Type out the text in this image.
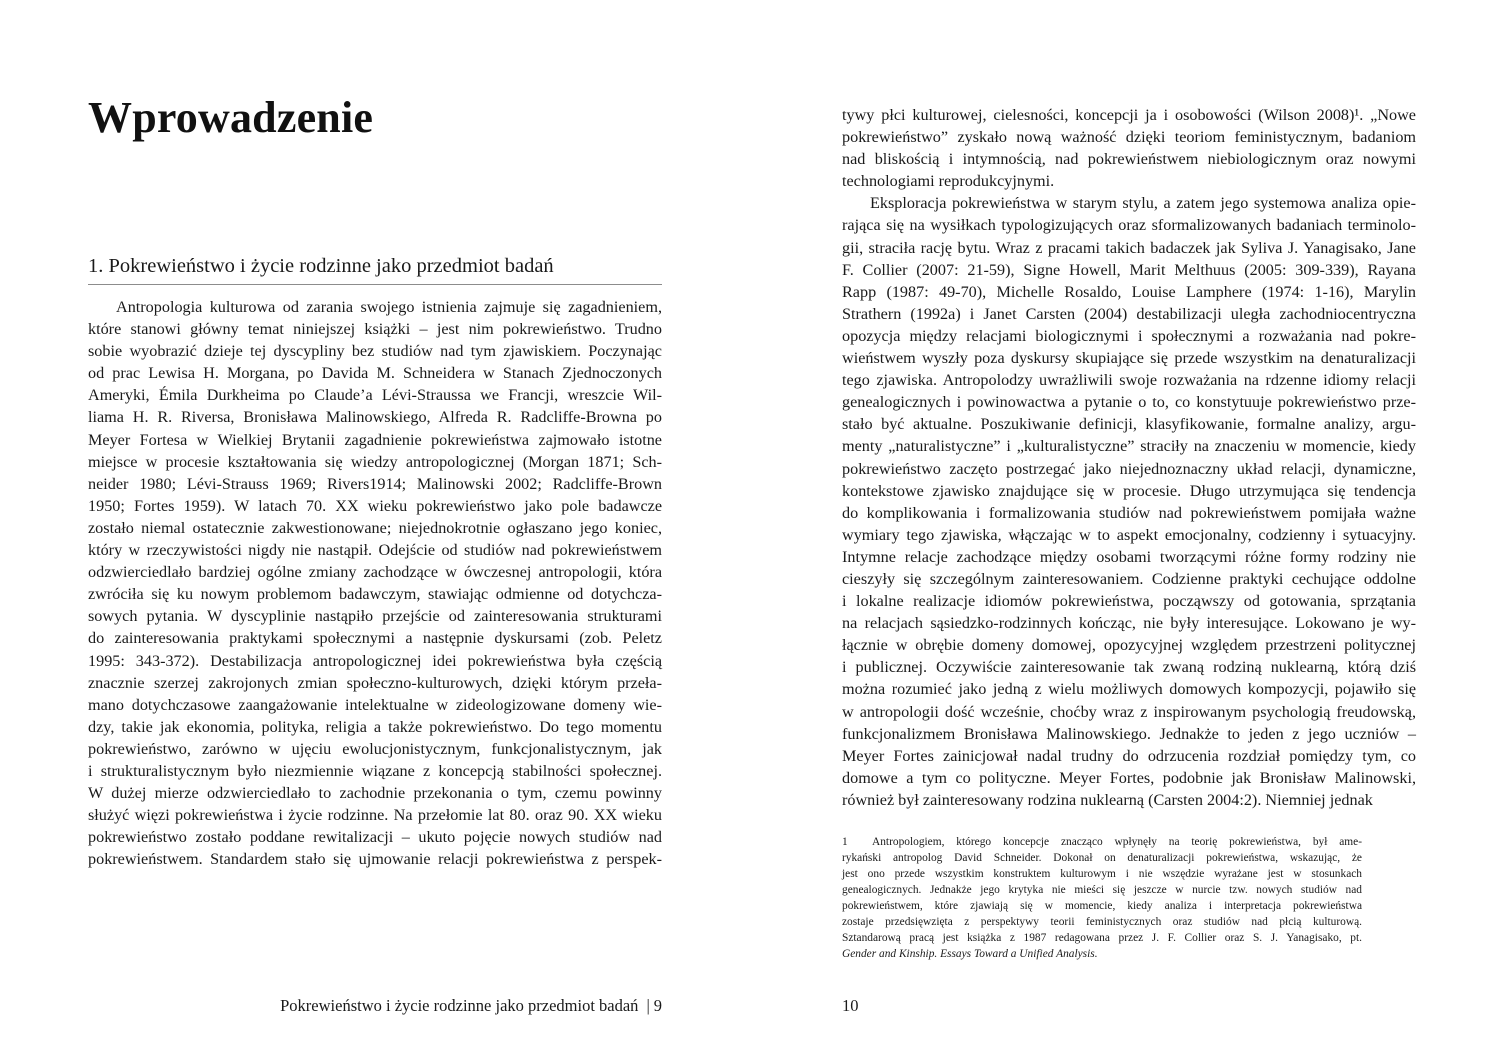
Wprowadzenie
1. Pokrewieństwo i życie rodzinne jako przedmiot badań
Antropologia kulturowa od zarania swojego istnienia zajmuje się zagadnieniem,
które stanowi główny temat niniejszej książki – jest nim pokrewieństwo. Trudno
sobie wyobrazić dzieje tej dyscypliny bez studiów nad tym zjawiskiem. Poczynając
od prac Lewisa H. Morgana, po Davida M. Schneidera w Stanach Zjednoczonych
Ameryki, Émila Durkheima po Claude’a Lévi-Straussa we Francji, wreszcie Wil-
liama H. R. Riversa, Bronisława Malinowskiego, Alfreda R. Radcliffe-Browna po
Meyer Fortesa w Wielkiej Brytanii zagadnienie pokrewieństwa zajmowało istotne
miejsce w procesie kształtowania się wiedzy antropologicznej (Morgan 1871; Sch-
neider 1980; Lévi-Strauss 1969; Rivers1914; Malinowski 2002; Radcliffe-Brown
1950; Fortes 1959). W latach 70. XX wieku pokrewieństwo jako pole badawcze
zostało niemal ostatecznie zakwestionowane; niejednokrotnie ogłaszano jego koniec,
który w rzeczywistości nigdy nie nastąpił. Odejście od studiów nad pokrewieństwem
odzwierciedlało bardziej ogólne zmiany zachodzące w ówczesnej antropologii, która
zwróciła się ku nowym problemom badawczym, stawiając odmienne od dotychcza-
sowych pytania. W dyscyplinie nastąpiło przejście od zainteresowania strukturami
do zainteresowania praktykami społecznymi a następnie dyskursami (zob. Peletz
1995: 343-372). Destabilizacja antropologicznej idei pokrewieństwa była częścią
znacznie szerzej zakrojonych zmian społeczno-kulturowych, dzięki którym przeła-
mano dotychczasowe zaangażowanie intelektualne w zideologizowane domeny wie-
dzy, takie jak ekonomia, polityka, religia a także pokrewieństwo. Do tego momentu
pokrewieństwo, zarówno w ujęciu ewolucjonistycznym, funkcjonalistycznym, jak
i strukturalistycznym było niezmiennie wiązane z koncepcją stabilności społecznej.
W dużej mierze odzwierciedlało to zachodnie przekonania o tym, czemu powinny
służyć więzi pokrewieństwa i życie rodzinne. Na przełomie lat 80. oraz 90. XX wieku
pokrewieństwo zostało poddane rewitalizacji – ukuto pojęcie nowych studiów nad
pokrewieństwem. Standardem stało się ujmowanie relacji pokrewieństwa z perspek-
Pokrewieństwo i życie rodzinne jako przedmiot badań | 9
tywy płci kulturowej, cielesności, koncepcji ja i osobowości (Wilson 2008)¹. „Nowe
pokrewieństwo” zyskało nową ważność dzięki teoriom feministycznym, badaniom
nad bliskością i intymnością, nad pokrewieństwem niebiologicznym oraz nowymi
technologiami reprodukcyjnymi.
Eksploracja pokrewieństwa w starym stylu, a zatem jego systemowa analiza opie-
rająca się na wysiłkach typologizujących oraz sformalizowanych badaniach terminolo-
gii, straciła rację bytu. Wraz z pracami takich badaczek jak Syliva J. Yanagisako, Jane
F. Collier (2007: 21-59), Signe Howell, Marit Melthuus (2005: 309-339), Rayana
Rapp (1987: 49-70), Michelle Rosaldo, Louise Lamphere (1974: 1-16), Marylin
Strathern (1992a) i Janet Carsten (2004) destabilizacji uległa zachodniocentryczna
opozycja między relacjami biologicznymi i społecznymi a rozważania nad pokre-
wieństwem wyszły poza dyskursy skupiające się przede wszystkim na denaturalizacji
tego zjawiska. Antropolodzy uwrażliwili swoje rozważania na rdzenne idiomy relacji
genealogicznych i powinowactwa a pytanie o to, co konstytuuje pokrewieństwo prze-
stało być aktualne. Poszukiwanie definicji, klasyfikowanie, formalne analizy, argu-
menty „naturalistyczne” i „kulturalistyczne” straciły na znaczeniu w momencie, kiedy
pokrewieństwo zaczęto postrzegać jako niejednoznaczny układ relacji, dynamiczne,
kontekstowe zjawisko znajdujące się w procesie. Długo utrzymująca się tendencja
do komplikowania i formalizowania studiów nad pokrewieństwem pomijała ważne
wymiary tego zjawiska, włączając w to aspekt emocjonalny, codzienny i sytuacyjny.
Intymne relacje zachodzące między osobami tworzącymi różne formy rodziny nie
cieszyły się szczególnym zainteresowaniem. Codzienne praktyki cechujące oddolne
i lokalne realizacje idiomów pokrewieństwa, począwszy od gotowania, sprzątania
na relacjach sąsiedzko-rodzinnych kończąc, nie były interesujące. Lokowano je wy-
łącznie w obrębie domeny domowej, opozycyjnej względem przestrzeni politycznej
i publicznej. Oczywiście zainteresowanie tak zwaną rodziną nuklearną, którą dziś
można rozumieć jako jedną z wielu możliwych domowych kompozycji, pojawiło się
w antropologii dość wcześnie, choćby wraz z inspirowanym psychologią freudowską,
funkcjonalizmem Bronisława Malinowskiego. Jednakże to jeden z jego uczniów –
Meyer Fortes zainicjował nadal trudny do odrzucenia rozdział pomiędzy tym, co
domowe a tym co polityczne. Meyer Fortes, podobnie jak Bronisław Malinowski,
również był zainteresowany rodzina nuklearną (Carsten 2004:2). Niemniej jednak
1 Antropologiem, którego koncepcje znacząco wpłynęły na teorię pokrewieństwa, był ame-
rykański antropolog David Schneider. Dokonał on denaturalizacji pokrewieństwa, wskazując, że
jest ono przede wszystkim konstruktem kulturowym i nie wszędzie wyrażane jest w stosunkach
genealogicznych. Jednakże jego krytyka nie mieści się jeszcze w nurcie tzw. nowych studiów nad
pokrewieństwem, które zjawiają się w momencie, kiedy analiza i interpretacja pokrewieństwa
zostaje przedsięwzięta z perspektywy teorii feministycznych oraz studiów nad płcią kulturową.
Sztandarową pracą jest książka z 1987 redagowana przez J. F. Collier oraz S. J. Yanagisako, pt.
Gender and Kinship. Essays Toward a Unified Analysis.
10
